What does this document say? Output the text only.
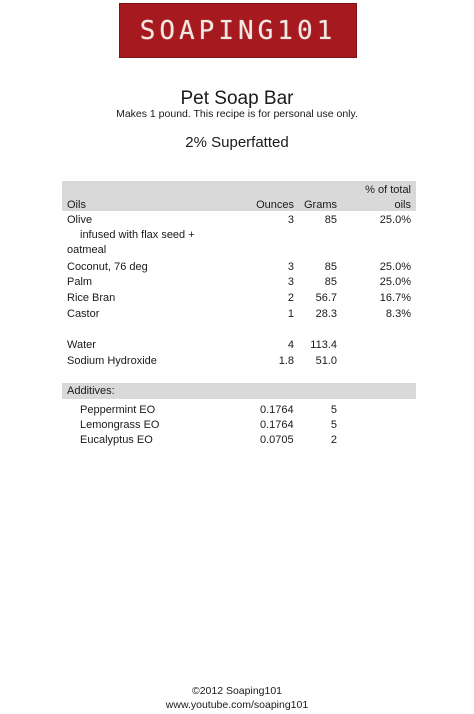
SOAPING101
Pet Soap Bar
Makes 1 pound. This recipe is for personal use only.
2% Superfatted
Oils	Ounces Grams
% of total
oils
Olive	3	85	25.0%
infused with flax seed +
oatmeal
Coconut, 76 deg	3	85	25.0%
Palm	3	85	25.0%
Rice Bran	2 56.7	16.7%
Castor	1 28.3	8.3%
Water	4 113.4
Sodium Hydroxide	1.8 51.0
Additives:
Peppermint EO	0.1764	5
Lemongrass EO	0.1764	5
Eucalyptus EO	0.0705	2
©2012 Soaping101
www.youtube.com/soaping101
